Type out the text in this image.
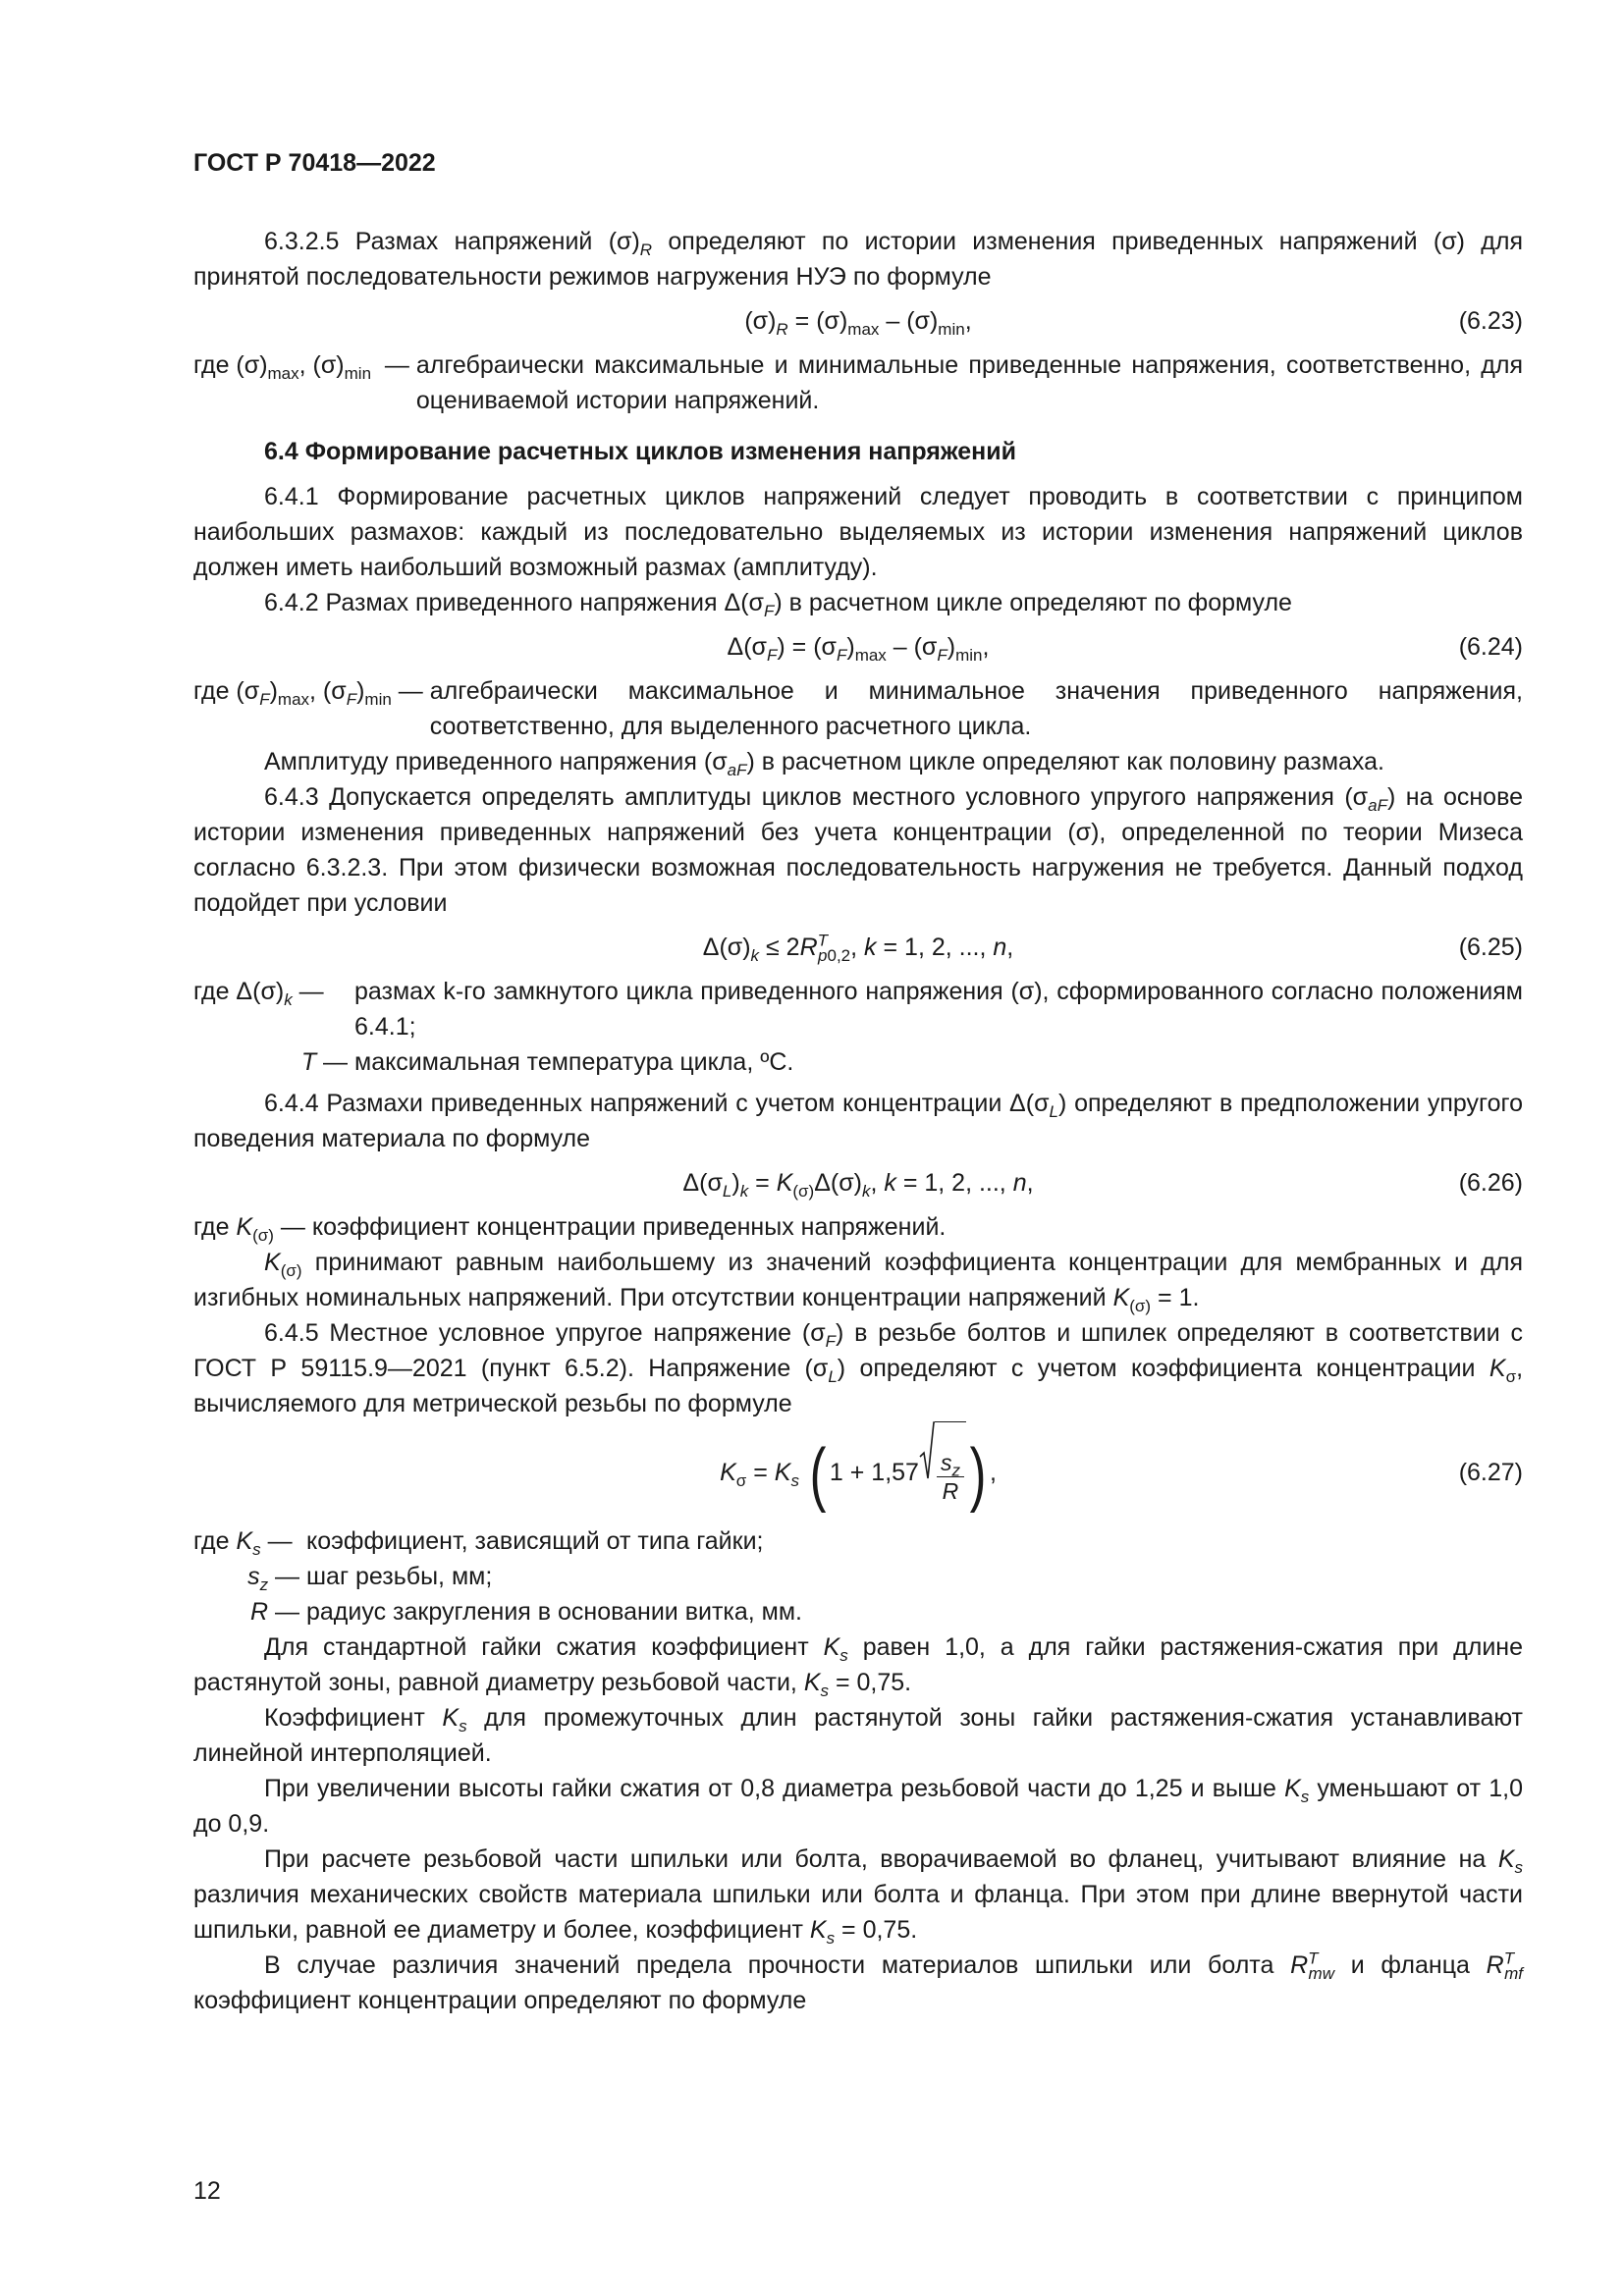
ГОСТ Р 70418—2022

6.3.2.5 Размах напряжений $(\sigma)_R$ определяют по истории изменения приведенных напряжений (σ) для принятой последовательности режимов нагружения НУЭ по формуле

$(\sigma)_R = (\sigma)_{max} - (\sigma)_{min}$,	(6.23)
где $(\sigma)_{max}$, $(\sigma)_{min}$  — алгебраически максимальные и минимальные приведенные напряжения, соответственно, для оцениваемой истории напряжений.

6.4 Формирование расчетных циклов изменения напряжений

6.4.1 Формирование расчетных циклов напряжений следует проводить в соответствии с принципом наибольших размахов: каждый из последовательно выделяемых из истории изменения напряжений циклов должен иметь наибольший возможный размах (амплитуду).

6.4.2 Размах приведенного напряжения $\Delta(\sigma_F)$ в расчетном цикле определяют по формуле

$\Delta(\sigma_F) = (\sigma_F)_{max} - (\sigma_F)_{min}$,	(6.24)
где $(\sigma_F)_{max}$, $(\sigma_F)_{min}$ — алгебраически максимальное и минимальное значения приведенного напряжения, соответственно, для выделенного расчетного цикла.

Амплитуду приведенного напряжения $(\sigma_{aF})$ в расчетном цикле определяют как половину размаха.

6.4.3 Допускается определять амплитуды циклов местного условного упругого напряжения $(\sigma_{aF})$ на основе истории изменения приведенных напряжений без учета концентрации (σ), определенной по теории Мизеса согласно 6.3.2.3. При этом физически возможная последовательность нагружения не требуется. Данный подход подойдет при условии

$\Delta(\sigma)_k \le 2R^T_{p0,2}$, k = 1, 2, ..., n,	(6.25)
где $\Delta(\sigma)_k$ — размах k-го замкнутого цикла приведенного напряжения (σ), сформированного согласно положениям 6.4.1;
T — максимальная температура цикла, ºС.

6.4.4 Размахи приведенных напряжений с учетом концентрации $\Delta(\sigma_L)$ определяют в предположении упругого поведения материала по формуле

$\Delta(\sigma_L)_k = K_{(\sigma)}\Delta(\sigma)_k$, k = 1, 2, ..., n,	(6.26)
где $K_{(\sigma)}$ — коэффициент концентрации приведенных напряжений.

$K_{(\sigma)}$ принимают равным наибольшему из значений коэффициента концентрации для мембранных и для изгибных номинальных напряжений. При отсутствии концентрации напряжений $K_{(\sigma)} = 1$.

6.4.5 Местное условное упругое напряжение $(\sigma_F)$ в резьбе болтов и шпилек определяют в соответствии с ГОСТ Р 59115.9—2021 (пункт 6.5.2). Напряжение $(\sigma_L)$ определяют с учетом коэффициента концентрации $K_\sigma$, вычисляемого для метрической резьбы по формуле

$K_\sigma = K_s$ ( $1 + 1,57 \frac{s_z}{R}$ ) ,	(6.27)
где $K_s$ — коэффициент, зависящий от типа гайки;
$s_z$ — шаг резьбы, мм;
R — радиус закругления в основании витка, мм.

Для стандартной гайки сжатия коэффициент $K_s$ равен 1,0, а для гайки растяжения-сжатия при длине растянутой зоны, равной диаметру резьбовой части, $K_s = 0,75$.

Коэффициент $K_s$ для промежуточных длин растянутой зоны гайки растяжения-сжатия устанавливают линейной интерполяцией.

При увеличении высоты гайки сжатия от 0,8 диаметра резьбовой части до 1,25 и выше $K_s$ уменьшают от 1,0 до 0,9.

При расчете резьбовой части шпильки или болта, вворачиваемой во фланец, учитывают влияние на $K_s$ различия механических свойств материала шпильки или болта и фланца. При этом при длине ввернутой части шпильки, равной ее диаметру и более, коэффициент $K_s = 0,75$.

В случае различия значений предела прочности материалов шпильки или болта $R^T_{mw}$ и фланца $R^T_{mf}$ коэффициент концентрации определяют по формуле

12
